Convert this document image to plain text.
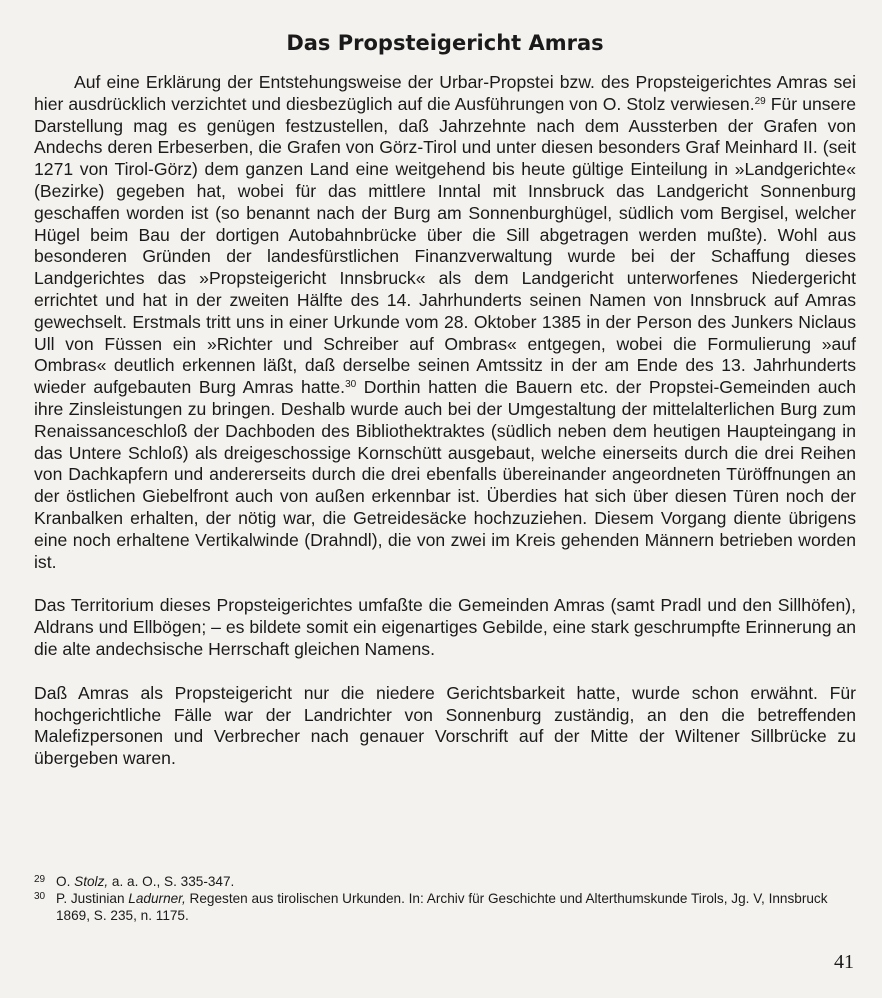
Das Propsteigericht Amras

Auf eine Erklärung der Entstehungsweise der Urbar-Propstei bzw. des Propsteigerichtes Amras sei hier ausdrücklich verzichtet und diesbezüglich auf die Ausführungen von O. Stolz verwiesen.$^{29}$ Für unsere Darstellung mag es genügen festzustellen, daß Jahrzehnte nach dem Aussterben der Grafen von Andechs deren Erbeserben, die Grafen von Görz-Tirol und unter diesen besonders Graf Meinhard II. (seit 1271 von Tirol-Görz) dem ganzen Land eine weitgehend bis heute gültige Einteilung in »Landgerichte« (Bezirke) gegeben hat, wobei für das mittlere Inntal mit Innsbruck das Landgericht Sonnenburg geschaffen worden ist (so benannt nach der Burg am Sonnenburghügel, südlich vom Bergisel, welcher Hügel beim Bau der dortigen Autobahnbrücke über die Sill abgetragen werden mußte). Wohl aus besonderen Gründen der landesfürstlichen Finanzverwaltung wurde bei der Schaffung dieses Landgerichtes das »Propsteigericht Innsbruck« als dem Landgericht unterworfenes Niedergericht errichtet und hat in der zweiten Hälfte des 14. Jahrhunderts seinen Namen von Innsbruck auf Amras gewechselt. Erstmals tritt uns in einer Urkunde vom 28. Oktober 1385 in der Person des Junkers Niclaus Ull von Füssen ein »Richter und Schreiber auf Ombras« entgegen, wobei die Formulierung »auf Ombras« deutlich erkennen läßt, daß derselbe seinen Amtssitz in der am Ende des 13. Jahrhunderts wieder aufgebauten Burg Amras hatte.$^{30}$ Dorthin hatten die Bauern etc. der Propstei-Gemeinden auch ihre Zinsleistungen zu bringen. Deshalb wurde auch bei der Umgestaltung der mittelalterlichen Burg zum Renaissanceschloß der Dachboden des Bibliothektraktes (südlich neben dem heutigen Haupteingang in das Untere Schloß) als dreigeschossige Kornschütt ausgebaut, welche einerseits durch die drei Reihen von Dachkapfern und andererseits durch die drei ebenfalls übereinander angeordneten Türöffnungen an der östlichen Giebelfront auch von außen erkennbar ist. Überdies hat sich über diesen Türen noch der Kranbalken erhalten, der nötig war, die Getreidesäcke hochzuziehen. Diesem Vorgang diente übrigens eine noch erhaltene Vertikalwinde (Drahndl), die von zwei im Kreis gehenden Männern betrieben worden ist.

Das Territorium dieses Propsteigerichtes umfaßte die Gemeinden Amras (samt Pradl und den Sillhöfen), Aldrans und Ellbögen; – es bildete somit ein eigenartiges Gebilde, eine stark geschrumpfte Erinnerung an die alte andechsische Herrschaft gleichen Namens.

Daß Amras als Propsteigericht nur die niedere Gerichtsbarkeit hatte, wurde schon erwähnt. Für hochgerichtliche Fälle war der Landrichter von Sonnenburg zuständig, an den die betreffenden Malefizpersonen und Verbrecher nach genauer Vorschrift auf der Mitte der Wiltener Sillbrücke zu übergeben waren.

29 O. Stolz, a. a. O., S. 335-347.
30 P. Justinian Ladurner, Regesten aus tirolischen Urkunden. In: Archiv für Geschichte und Alterthumskunde Tirols, Jg. V, Innsbruck 1869, S. 235, n. 1175.
41
